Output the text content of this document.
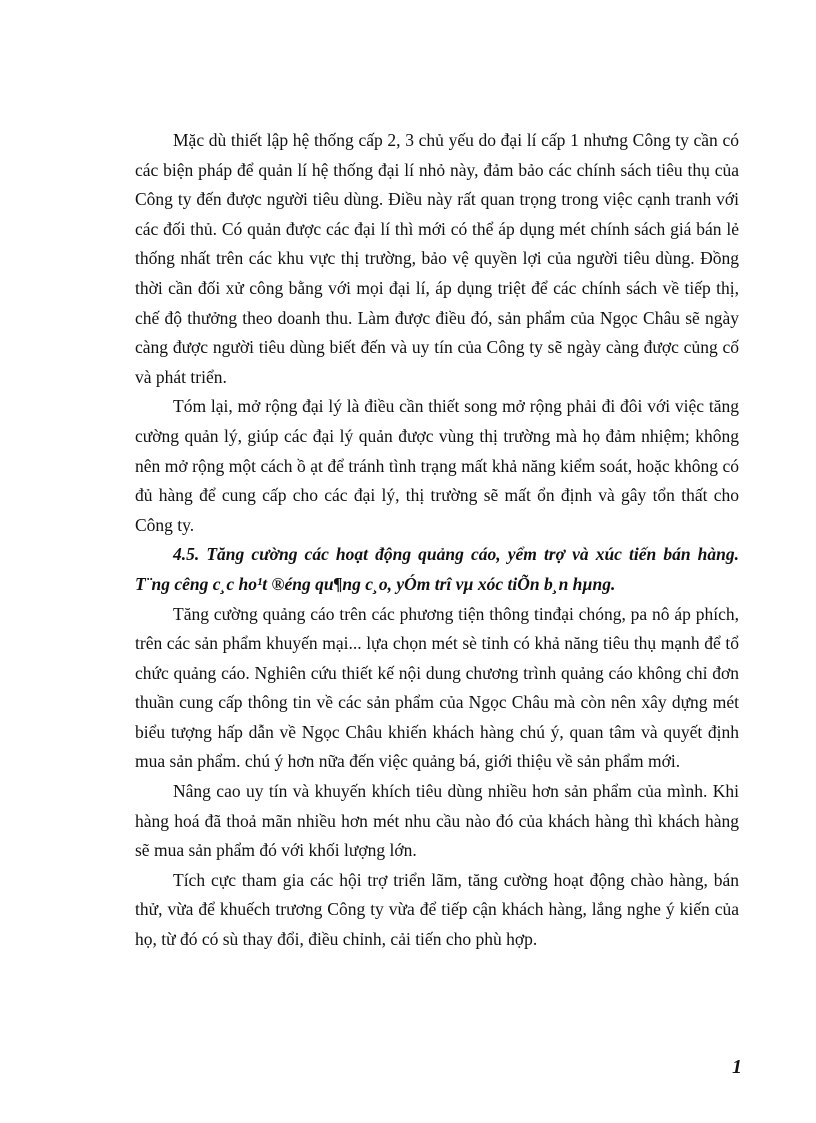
Mặc dù thiết lập hệ thống cấp 2, 3 chủ yếu do đại lí cấp 1 nhưng Công ty cần có các biện pháp để quản lí hệ thống đại lí nhỏ này, đảm bảo các chính sách tiêu thụ của Công ty đến được người tiêu dùng. Điều này rất quan trọng trong việc cạnh tranh với các đối thủ. Có quản được các đại lí thì mới có thể áp dụng mét chính sách giá bán lẻ thống nhất trên các khu vực thị trường, bảo vệ quyền lợi của người tiêu dùng. Đồng thời cần đối xử công bằng với mọi đại lí, áp dụng triệt để các chính sách về tiếp thị, chế độ thưởng theo doanh thu. Làm được điều đó, sản phẩm của Ngọc Châu sẽ ngày càng được người tiêu dùng biết đến và uy tín của Công ty sẽ ngày càng được củng cố và phát triển.

Tóm lại, mở rộng đại lý là điều cần thiết song mở rộng phải đi đôi với việc tăng cường quản lý, giúp các đại lý quản được vùng thị trường mà họ đảm nhiệm; không nên mở rộng một cách ồ ạt để tránh tình trạng mất khả năng kiểm soát, hoặc không có đủ hàng để cung cấp cho các đại lý, thị trường sẽ mất ổn định và gây tổn thất cho Công ty.

4.5. Tăng cường các hoạt động quảng cáo, yểm trợ và xúc tiến bán hàng. T¨ng cêng c¸c ho¹t ®éng qu¶ng c¸o, yÓm trî vµ xóc tiÕn b¸n hµng.

Tăng cường quảng cáo trên các phương tiện thông tinđại chóng, pa nô áp phích, trên các sản phẩm khuyến mại... lựa chọn mét sè tỉnh có khả năng tiêu thụ mạnh để tổ chức quảng cáo. Nghiên cứu thiết kế nội dung chương trình quảng cáo không chỉ đơn thuần cung cấp thông tin về các sản phẩm của Ngọc Châu mà còn nên xây dựng mét biểu tượng hấp dẫn về Ngọc Châu khiến khách hàng chú ý, quan tâm và quyết định mua sản phẩm. chú ý hơn nữa đến việc quảng bá, giới thiệu về sản phẩm mới.

Nâng cao uy tín và khuyến khích tiêu dùng nhiều hơn sản phẩm của mình. Khi hàng hoá đã thoả mãn nhiều hơn mét nhu cầu nào đó của khách hàng thì khách hàng sẽ mua sản phẩm đó với khối lượng lớn.

Tích cực tham gia các hội trợ triển lãm, tăng cường hoạt động chào hàng, bán thử, vừa để khuếch trương Công ty vừa để tiếp cận khách hàng, lắng nghe ý kiến của họ, từ đó có sù thay đổi, điều chỉnh, cải tiến cho phù hợp.

1
